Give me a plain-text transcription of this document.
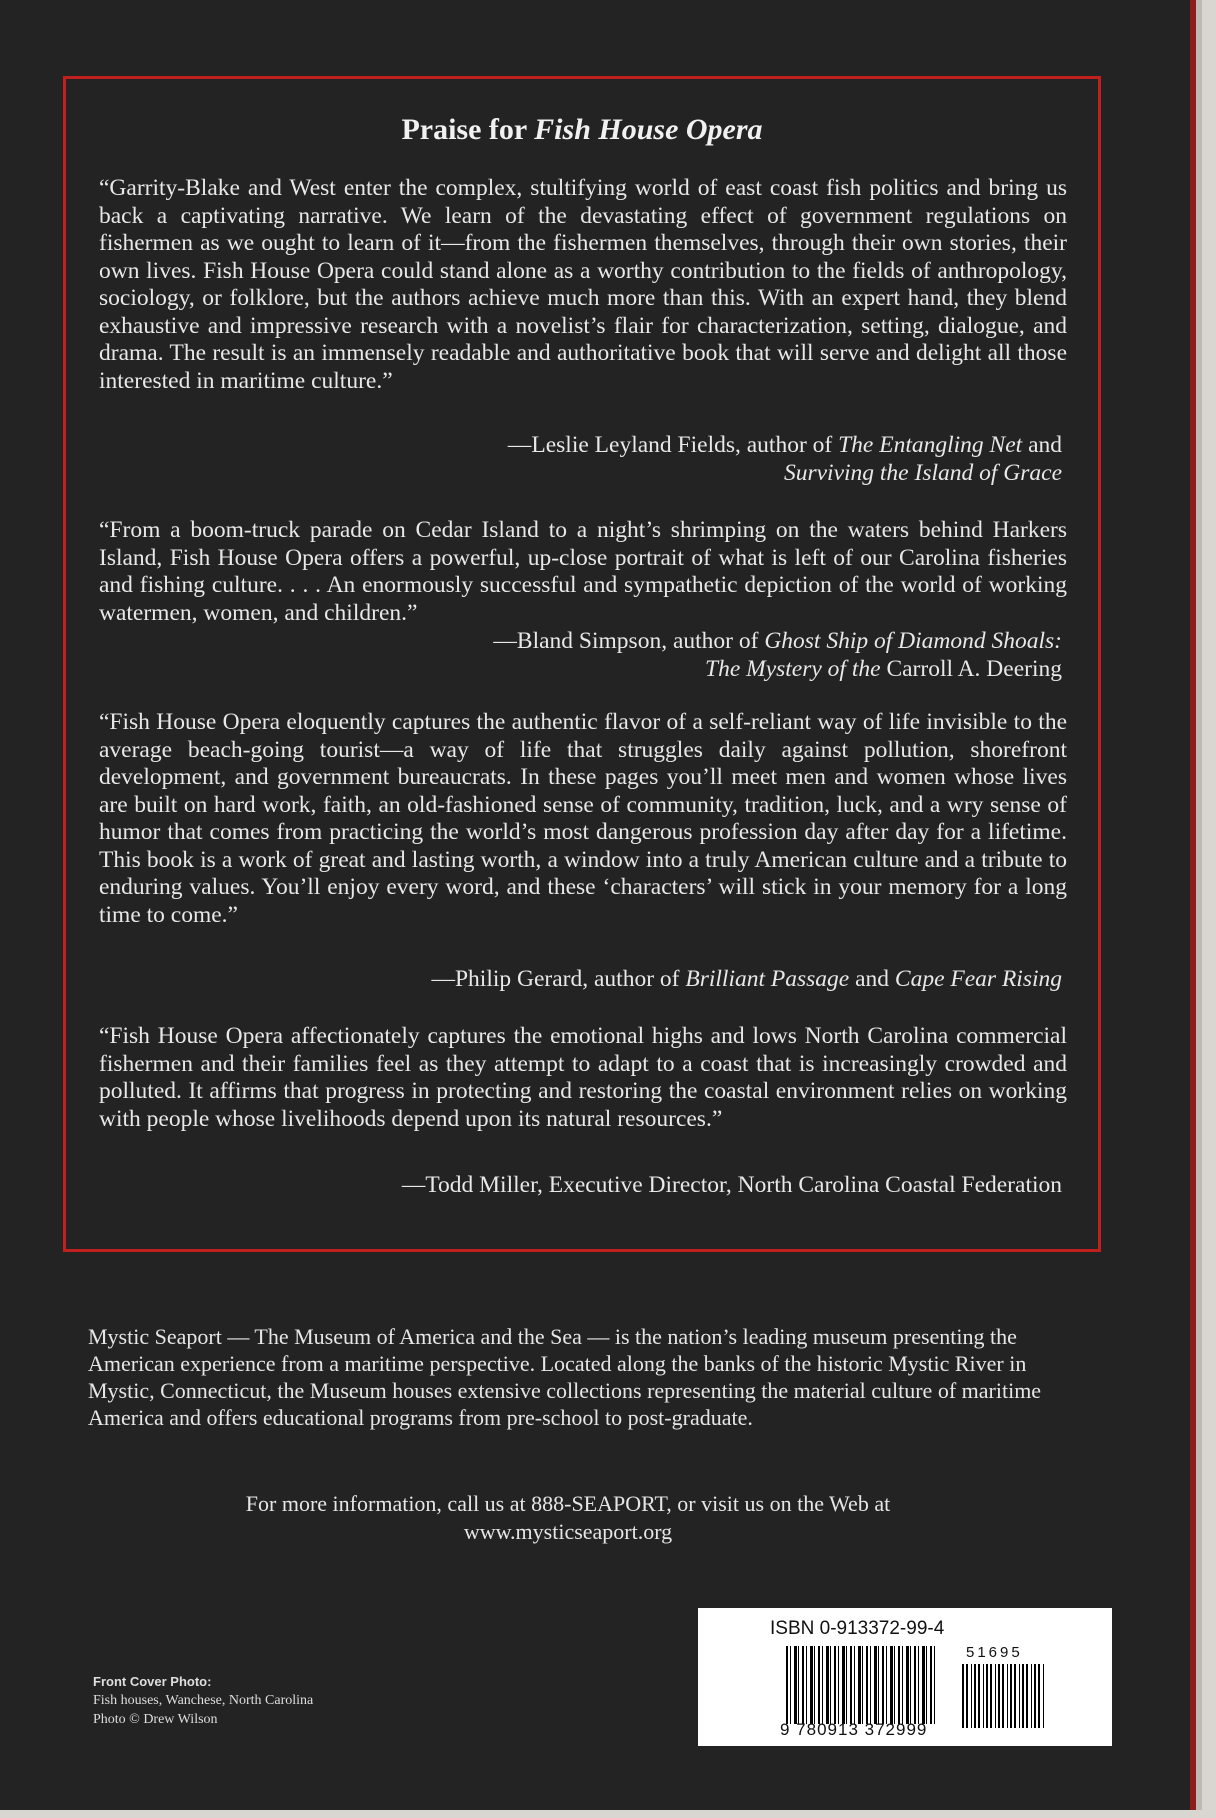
Praise for Fish House Opera
“Garrity-Blake and West enter the complex, stultifying world of east coast fish politics and bring us back a captivating narrative. We learn of the devastating effect of government regulations on fishermen as we ought to learn of it—from the fishermen themselves, through their own stories, their own lives. Fish House Opera could stand alone as a worthy contribution to the fields of anthropology, sociology, or folklore, but the authors achieve much more than this. With an expert hand, they blend exhaustive and impressive research with a novelist’s flair for characterization, setting, dialogue, and drama. The result is an immensely readable and authoritative book that will serve and delight all those interested in maritime culture.”
—Leslie Leyland Fields, author of The Entangling Net and
Surviving the Island of Grace
“From a boom-truck parade on Cedar Island to a night’s shrimping on the waters behind Harkers Island, Fish House Opera offers a powerful, up-close portrait of what is left of our Carolina fisheries and fishing culture. . . . An enormously successful and sympathetic depiction of the world of working watermen, women, and children.”
—Bland Simpson, author of Ghost Ship of Diamond Shoals:
The Mystery of the Carroll A. Deering
“Fish House Opera eloquently captures the authentic flavor of a self-reliant way of life invisible to the average beach-going tourist—a way of life that struggles daily against pollution, shorefront development, and government bureaucrats. In these pages you’ll meet men and women whose lives are built on hard work, faith, an old-fashioned sense of community, tradition, luck, and a wry sense of humor that comes from practicing the world’s most dangerous profession day after day for a lifetime. This book is a work of great and lasting worth, a window into a truly American culture and a tribute to enduring values. You’ll enjoy every word, and these ‘characters’ will stick in your memory for a long time to come.”
—Philip Gerard, author of Brilliant Passage and Cape Fear Rising
“Fish House Opera affectionately captures the emotional highs and lows North Carolina commercial fishermen and their families feel as they attempt to adapt to a coast that is increasingly crowded and polluted. It affirms that progress in protecting and restoring the coastal environment relies on working with people whose livelihoods depend upon its natural resources.”
—Todd Miller, Executive Director, North Carolina Coastal Federation
Mystic Seaport — The Museum of America and the Sea — is the nation’s leading museum presenting the American experience from a maritime perspective. Located along the banks of the historic Mystic River in Mystic, Connecticut, the Museum houses extensive collections representing the material culture of maritime America and offers educational programs from pre-school to post-graduate.
For more information, call us at 888-SEAPORT, or visit us on the Web at
www.mysticseaport.org
Front Cover Photo:
Fish houses, Wanchese, North Carolina
Photo © Drew Wilson
ISBN 0-913372-99-4
51695
9 780913 372999
